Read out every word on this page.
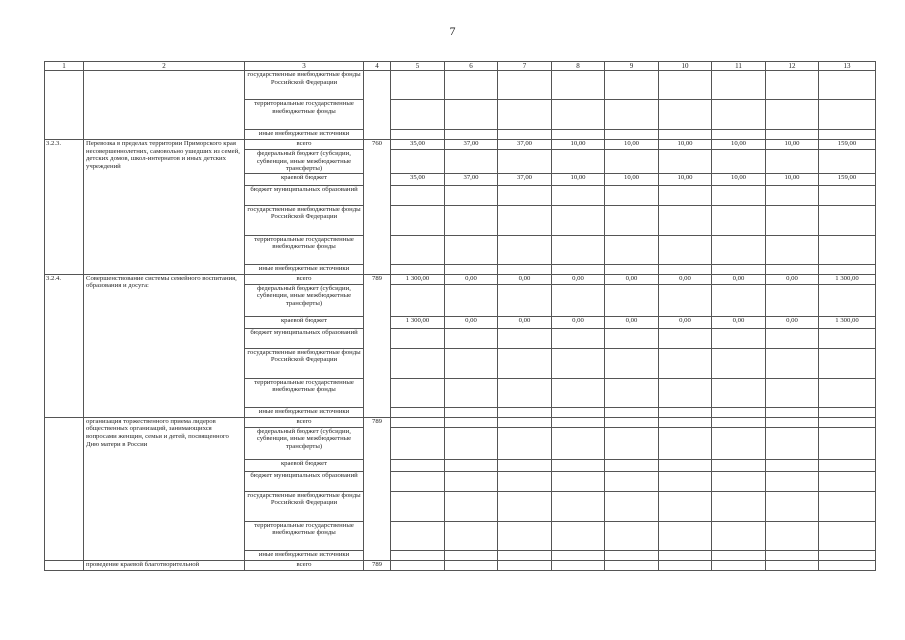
7
1	2	3	4	5	6	7	8	9	10	11	12	13
		государственные внебюджетные фонды Российской Федерации										
		территориальные государственные внебюджетные фонды										
		иные внебюджетные источники										
3.2.3.	Перевозка в пределах территории Приморского края несовершеннолетних, самовольно ушедших из семей, детских домов, школ-интернатов и иных детских учреждений	всего	760	35,00	37,00	37,00	10,00	10,00	10,00	10,00	10,00	159,00
		федеральный бюджет (субсидии, субвенции, иные межбюджетные трансферты)										
		краевой бюджет		35,00	37,00	37,00	10,00	10,00	10,00	10,00	10,00	159,00
		бюджет муниципальных образований										
		государственные внебюджетные фонды Российской Федерации										
		территориальные государственные внебюджетные фонды										
		иные внебюджетные источники										
3.2.4.	Совершенствование системы семейного воспитания, образования и досуга:	всего	789	1 300,00	0,00	0,00	0,00	0,00	0,00	0,00	0,00	1 300,00
		федеральный бюджет (субсидии, субвенции, иные межбюджетные трансферты)										
		краевой бюджет		1 300,00	0,00	0,00	0,00	0,00	0,00	0,00	0,00	1 300,00
		бюджет муниципальных образований										
		государственные внебюджетные фонды Российской Федерации										
		территориальные государственные внебюджетные фонды										
		иные внебюджетные источники										
	организация торжественного приема лидеров общественных организаций, занимающихся вопросами женщин, семьи и детей, посвященного Дню матери в России	всего	789									
		федеральный бюджет (субсидии, субвенции, иные межбюджетные трансферты)										
		краевой бюджет										
		бюджет муниципальных образований										
		государственные внебюджетные фонды Российской Федерации										
		территориальные государственные внебюджетные фонды										
		иные внебюджетные источники										
	проведение краевой благотворительной	всего	789									
